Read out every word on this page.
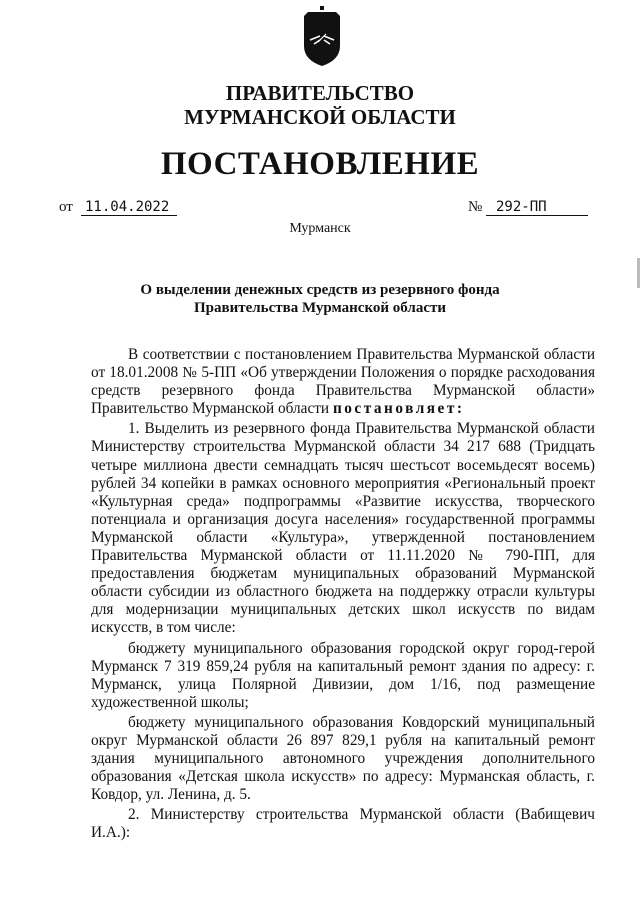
ПРАВИТЕЛЬСТВО
МУРМАНСКОЙ ОБЛАСТИ
ПОСТАНОВЛЕНИЕ
от 11.04.2022	№ 292-ПП
Мурманск
О выделении денежных средств из резервного фонда
Правительства Мурманской области

В соответствии с постановлением Правительства Мурманской области от 18.01.2008 № 5-ПП «Об утверждении Положения о порядке расходования средств резервного фонда Правительства Мурманской области» Правительство Мурманской области постановляет:

1. Выделить из резервного фонда Правительства Мурманской области Министерству строительства Мурманской области 34 217 688 (Тридцать четыре миллиона двести семнадцать тысяч шестьсот восемьдесят восемь) рублей 34 копейки в рамках основного мероприятия «Региональный проект «Культурная среда» подпрограммы «Развитие искусства, творческого потенциала и организация досуга населения» государственной программы Мурманской области «Культура», утвержденной постановлением Правительства Мурманской области от 11.11.2020 № 790-ПП, для предоставления бюджетам муниципальных образований Мурманской области субсидии из областного бюджета на поддержку отрасли культуры для модернизации муниципальных детских школ искусств по видам искусств, в том числе:

бюджету муниципального образования городской округ город-герой Мурманск 7 319 859,24 рубля на капитальный ремонт здания по адресу: г. Мурманск, улица Полярной Дивизии, дом 1/16, под размещение художественной школы;

бюджету муниципального образования Ковдорский муниципальный округ Мурманской области 26 897 829,1 рубля на капитальный ремонт здания муниципального автономного учреждения дополнительного образования «Детская школа искусств» по адресу: Мурманская область, г. Ковдор, ул. Ленина, д. 5.

2. Министерству строительства Мурманской области (Вабищевич И.А.):
